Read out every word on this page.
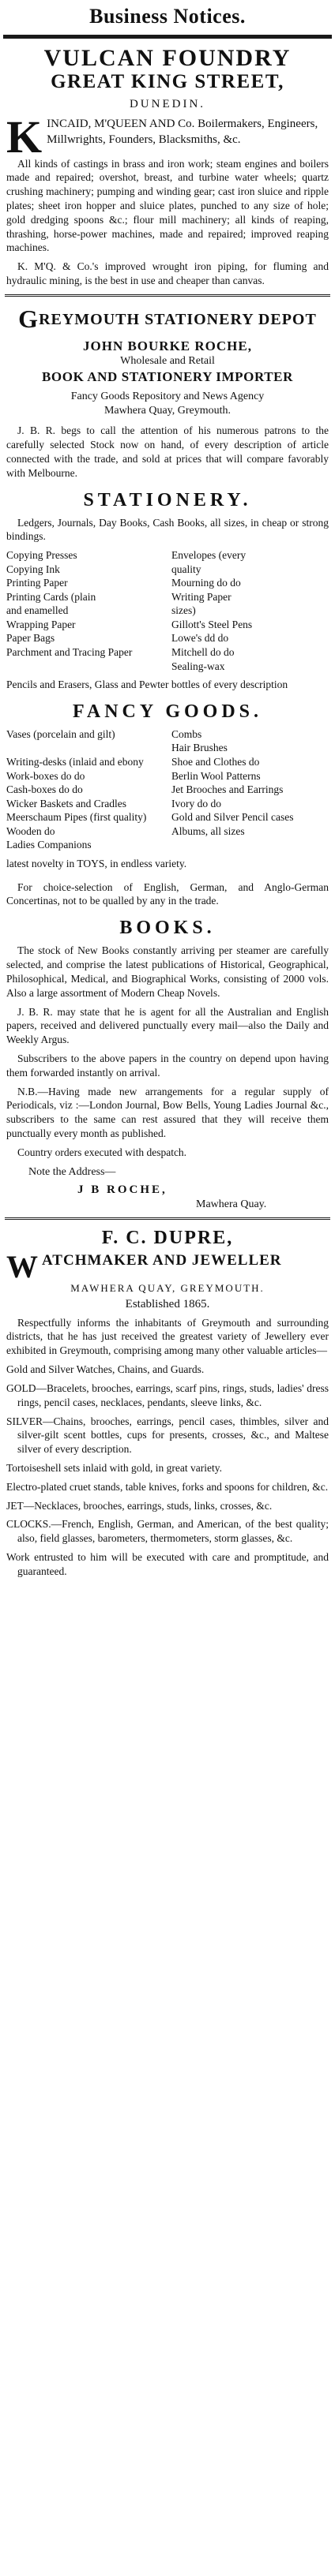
Business Notices.
VULCAN FOUNDRY
GREAT KING STREET,
DUNEDIN.
K INCAID, M'QUEEN AND Co. Boilermakers, Engineers, Millwrights, Founders, Blacksmiths, &c.
All kinds of castings in brass and iron work; steam engines and boilers made and repaired; overshot, breast, and turbine water wheels; quartz crushing machinery; pumping and winding gear; cast iron sluice and ripple plates; sheet iron hopper and sluice plates, punched to any size of hole; gold dredging spoons &c.; flour mill machinery; all kinds of reaping, thrashing, horse-power machines, made and repaired; improved reaping machines.
K. M'Q. & Co.'s improved wrought iron piping, for fluming and hydraulic mining, is the best in use and cheaper than canvas.
GREYMOUTH STATIONERY DEPOT
JOHN BOURKE ROCHE,
Wholesale and Retail
BOOK AND STATIONERY IMPORTER
Fancy Goods Repository and News Agency
Mawhera Quay, Greymouth.
J. B. R. begs to call the attention of his numerous patrons to the carefully selected Stock now on hand, of every description of article connected with the trade, and sold at prices that will compare favorably with Melbourne.
STATIONERY.
Ledgers, Journals, Day Books, Cash Books, all sizes, in cheap or strong bindings.
Copying Presses	Envelopes (every
Copying Ink	quality
Printing Paper	Mourning do do
Printing Cards (plain	Writing Paper
and enamelled	sizes)
Wrapping Paper	Gillott's Steel Pens
Paper Bags	Lowe's dd do
Parchment and Tracing Paper	Mitchell do do
Sealing-wax
Pencils and Erasers, Glass and Pewter bottles of every description
FANCY GOODS.
Vases (porcelain and gilt)	Combs
Hair Brushes
Writing-desks (inlaid and ebony	Shoe and Clothes do
Work-boxes do do	Berlin Wool Patterns
Cash-boxes do do	Jet Brooches and Earrings
Wicker Baskets and Cradles	Ivory do do
Meerschaum Pipes (first quality)	Gold and Silver Pencil cases
Wooden do	Albums, all sizes
Ladies Companions
latest novelty in TOYS, in endless variety.
For choice-selection of English, German, and Anglo-German Concertinas, not to be qualled by any in the trade.
BOOKS.
The stock of New Books constantly arriving per steamer are carefully selected, and comprise the latest publications of Historical, Geographical, Philosophical, Medical, and Biographical Works, consisting of 2000 vols. Also a large assortment of Modern Cheap Novels.
J. B. R. may state that he is agent for all the Australian and English papers, received and delivered punctually every mail—also the Daily and Weekly Argus.
Subscribers to the above papers in the country on depend upon having them forwarded instantly on arrival.
N.B.—Having made new arrangements for a regular supply of Periodicals, viz :—London Journal, Bow Bells, Young Ladies Journal &c., subscribers to the same can rest assured that they will receive them punctually every month as published.
Country orders executed with despatch.
Note the Address—
J B ROCHE,
Mawhera Quay.
F. C. DUPRE,
WATCHMAKER AND JEWELLER
MAWHERA QUAY, GREYMOUTH.
Established 1865.
Respectfully informs the inhabitants of Greymouth and surrounding districts, that he has just received the greatest variety of Jewellery ever exhibited in Greymouth, comprising among many other valuable articles—
Gold and Silver Watches, Chains, and Guards.
GOLD—Bracelets, brooches, earrings, scarf pins, rings, studs, ladies' dress rings, pencil cases, necklaces, pendants, sleeve links, &c.
SILVER—Chains, brooches, earrings, pencil cases, thimbles, silver and silver-gilt scent bottles, cups for presents, crosses, &c., and Maltese silver of every description.
Tortoiseshell sets inlaid with gold, in great variety.
Electro-plated cruet stands, table knives, forks and spoons for children, &c.
JET—Necklaces, brooches, earrings, studs, links, crosses, &c.
CLOCKS.—French, English, German, and American, of the best quality; also, field glasses, barometers, thermometers, storm glasses, &c.
Work entrusted to him will be executed with care and promptitude, and guaranteed.
